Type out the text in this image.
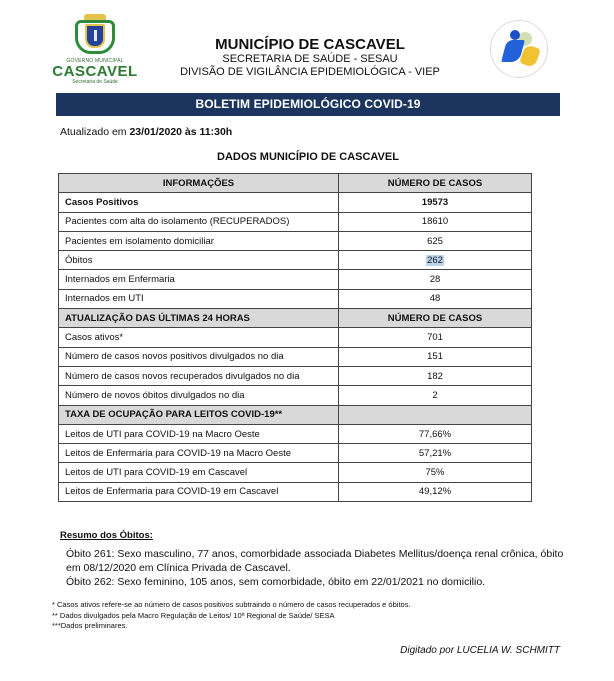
GOVERNO MUNICIPAL
CASCAVEL
Secretaria de Saúde
MUNICÍPIO DE CASCAVEL
SECRETARIA DE SAÚDE - SESAU
DIVISÃO DE VIGILÂNCIA EPIDEMIOLÓGICA - VIEP
BOLETIM EPIDEMIOLÓGICO COVID-19
Atualizado em 23/01/2020 às 11:30h
DADOS MUNICÍPIO DE CASCAVEL
INFORMAÇÕES	NÚMERO DE CASOS
Casos Positivos	19573
Pacientes com alta do isolamento (RECUPERADOS)	18610
Pacientes em isolamento domiciliar	625
Óbitos	262
Internados em Enfermaria	28
Internados em UTI	48
ATUALIZAÇÃO DAS ÚLTIMAS 24 HORAS	NÚMERO DE CASOS
Casos ativos*	701
Número de casos novos positivos divulgados no dia	151
Número de casos novos recuperados divulgados no dia	182
Número de novos óbitos divulgados no dia	2
TAXA DE OCUPAÇÃO PARA LEITOS COVID-19**	
Leitos de UTI para COVID-19 na Macro Oeste	77,66%
Leitos de Enfermaria para COVID-19 na Macro Oeste	57,21%
Leitos de UTI para COVID-19 em Cascavel	75%
Leitos de Enfermaria para COVID-19 em Cascavel	49,12%
Resumo dos Óbitos:
Óbito 261: Sexo masculino, 77 anos, comorbidade associada Diabetes Mellitus/doença renal crônica, óbito em 08/12/2020 em Clínica Privada de Cascavel.
Óbito 262: Sexo feminino, 105 anos, sem comorbidade, óbito em 22/01/2021 no domicilio.
* Casos ativos refere-se ao número de casos positivos subtraindo o número de casos recuperados e óbitos.
** Dados divulgados pela Macro Regulação de Leitos/ 10ª Regional de Saúde/ SESA
***Dados preliminares.
Digitado por LUCELIA W. SCHMITT
